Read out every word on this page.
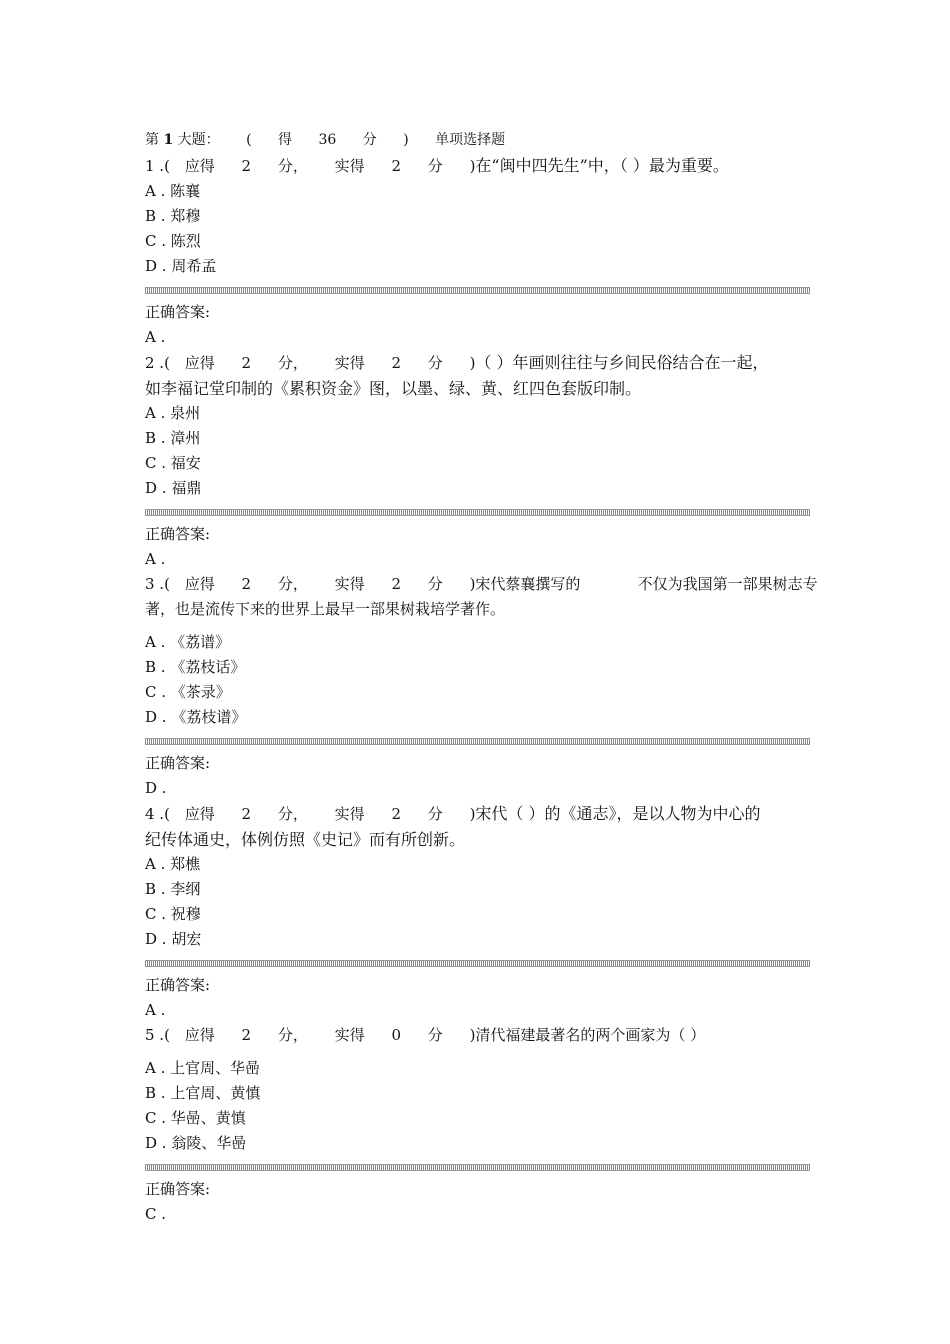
第 1 大题： ( 得 36 分 ) 单项选择题
1 .( 应得 2 分， 实得 2 分 )在“闽中四先生”中，（ ）最为重要。
A . 陈襄
B . 郑穆
C . 陈烈
D . 周希孟
正确答案:
A .
2 .( 应得 2 分， 实得 2 分 )（ ）年画则往往与乡间民俗结合在一起，
如李福记堂印制的《累积资金》图，以墨、绿、黄、红四色套版印制。
A . 泉州
B . 漳州
C . 福安
D . 福鼎
正确答案:
A .
3 .( 应得 2 分， 实得 2 分 )宋代蔡襄撰写的            不仅为我国第一部果树志专
著，也是流传下来的世界上最早一部果树栽培学著作。
A . 《荔谱》
B . 《荔枝话》
C . 《茶录》
D . 《荔枝谱》
正确答案:
D .
4 .( 应得 2 分， 实得 2 分 )宋代（ ）的《通志》，是以人物为中心的
纪传体通史，体例仿照《史记》而有所创新。
A . 郑樵
B . 李纲
C . 祝穆
D . 胡宏
正确答案:
A .
5 .( 应得 2 分， 实得 0 分 )清代福建最著名的两个画家为（ ）
A . 上官周、华喦
B . 上官周、黄慎
C . 华喦、黄慎
D . 翁陵、华喦
正确答案:
C .
